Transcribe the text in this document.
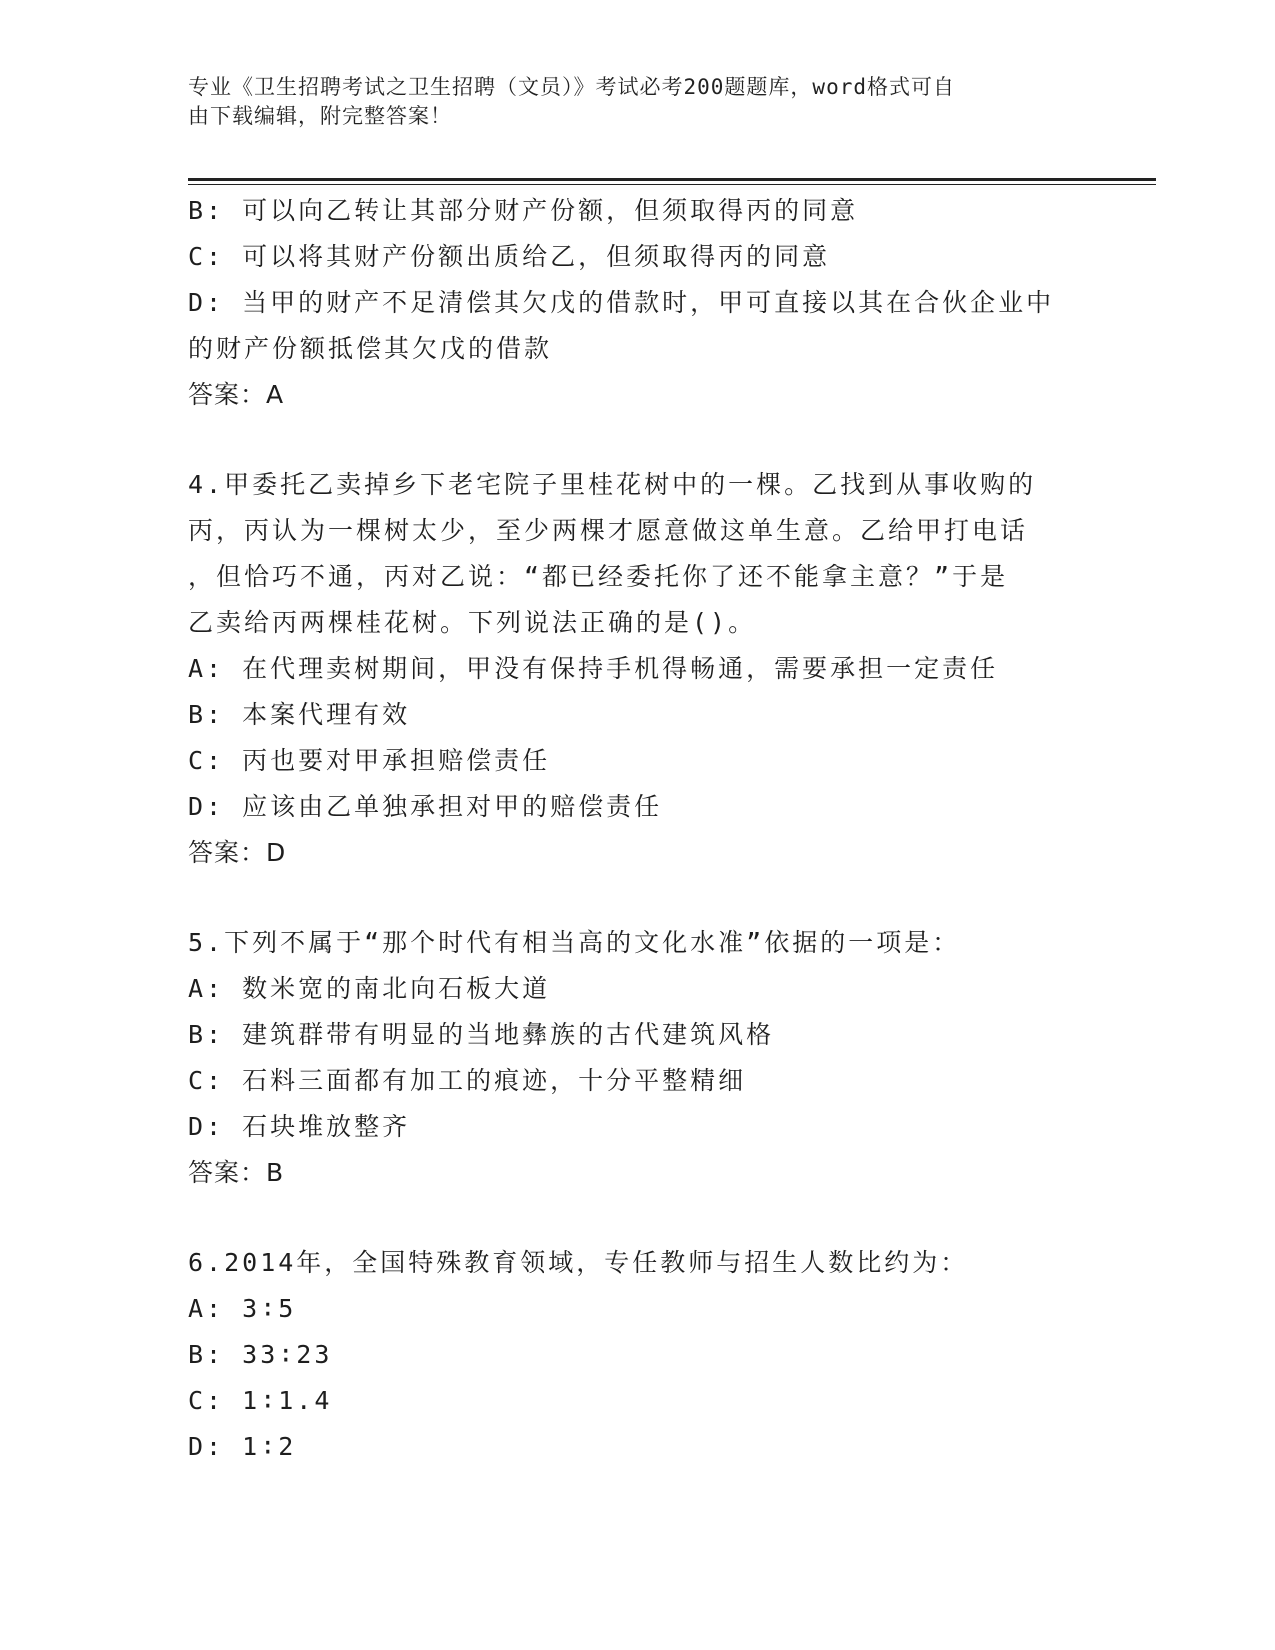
专业《卫生招聘考试之卫生招聘（文员）》考试必考200题题库，word格式可自
由下载编辑，附完整答案！
B: 可以向乙转让其部分财产份额，但须取得丙的同意
C: 可以将其财产份额出质给乙，但须取得丙的同意
D: 当甲的财产不足清偿其欠戊的借款时，甲可直接以其在合伙企业中
的财产份额抵偿其欠戊的借款
答案：A
4.甲委托乙卖掉乡下老宅院子里桂花树中的一棵。乙找到从事收购的
丙，丙认为一棵树太少，至少两棵才愿意做这单生意。乙给甲打电话
，但恰巧不通，丙对乙说：“都已经委托你了还不能拿主意？”于是
乙卖给丙两棵桂花树。下列说法正确的是()。
A: 在代理卖树期间，甲没有保持手机得畅通，需要承担一定责任
B: 本案代理有效
C: 丙也要对甲承担赔偿责任
D: 应该由乙单独承担对甲的赔偿责任
答案：D
5.下列不属于“那个时代有相当高的文化水准”依据的一项是：
A: 数米宽的南北向石板大道
B: 建筑群带有明显的当地彝族的古代建筑风格
C: 石料三面都有加工的痕迹，十分平整精细
D: 石块堆放整齐
答案：B
6.2014年，全国特殊教育领域，专任教师与招生人数比约为：
A: 3∶5
B: 33∶23
C: 1∶1.4
D: 1∶2
